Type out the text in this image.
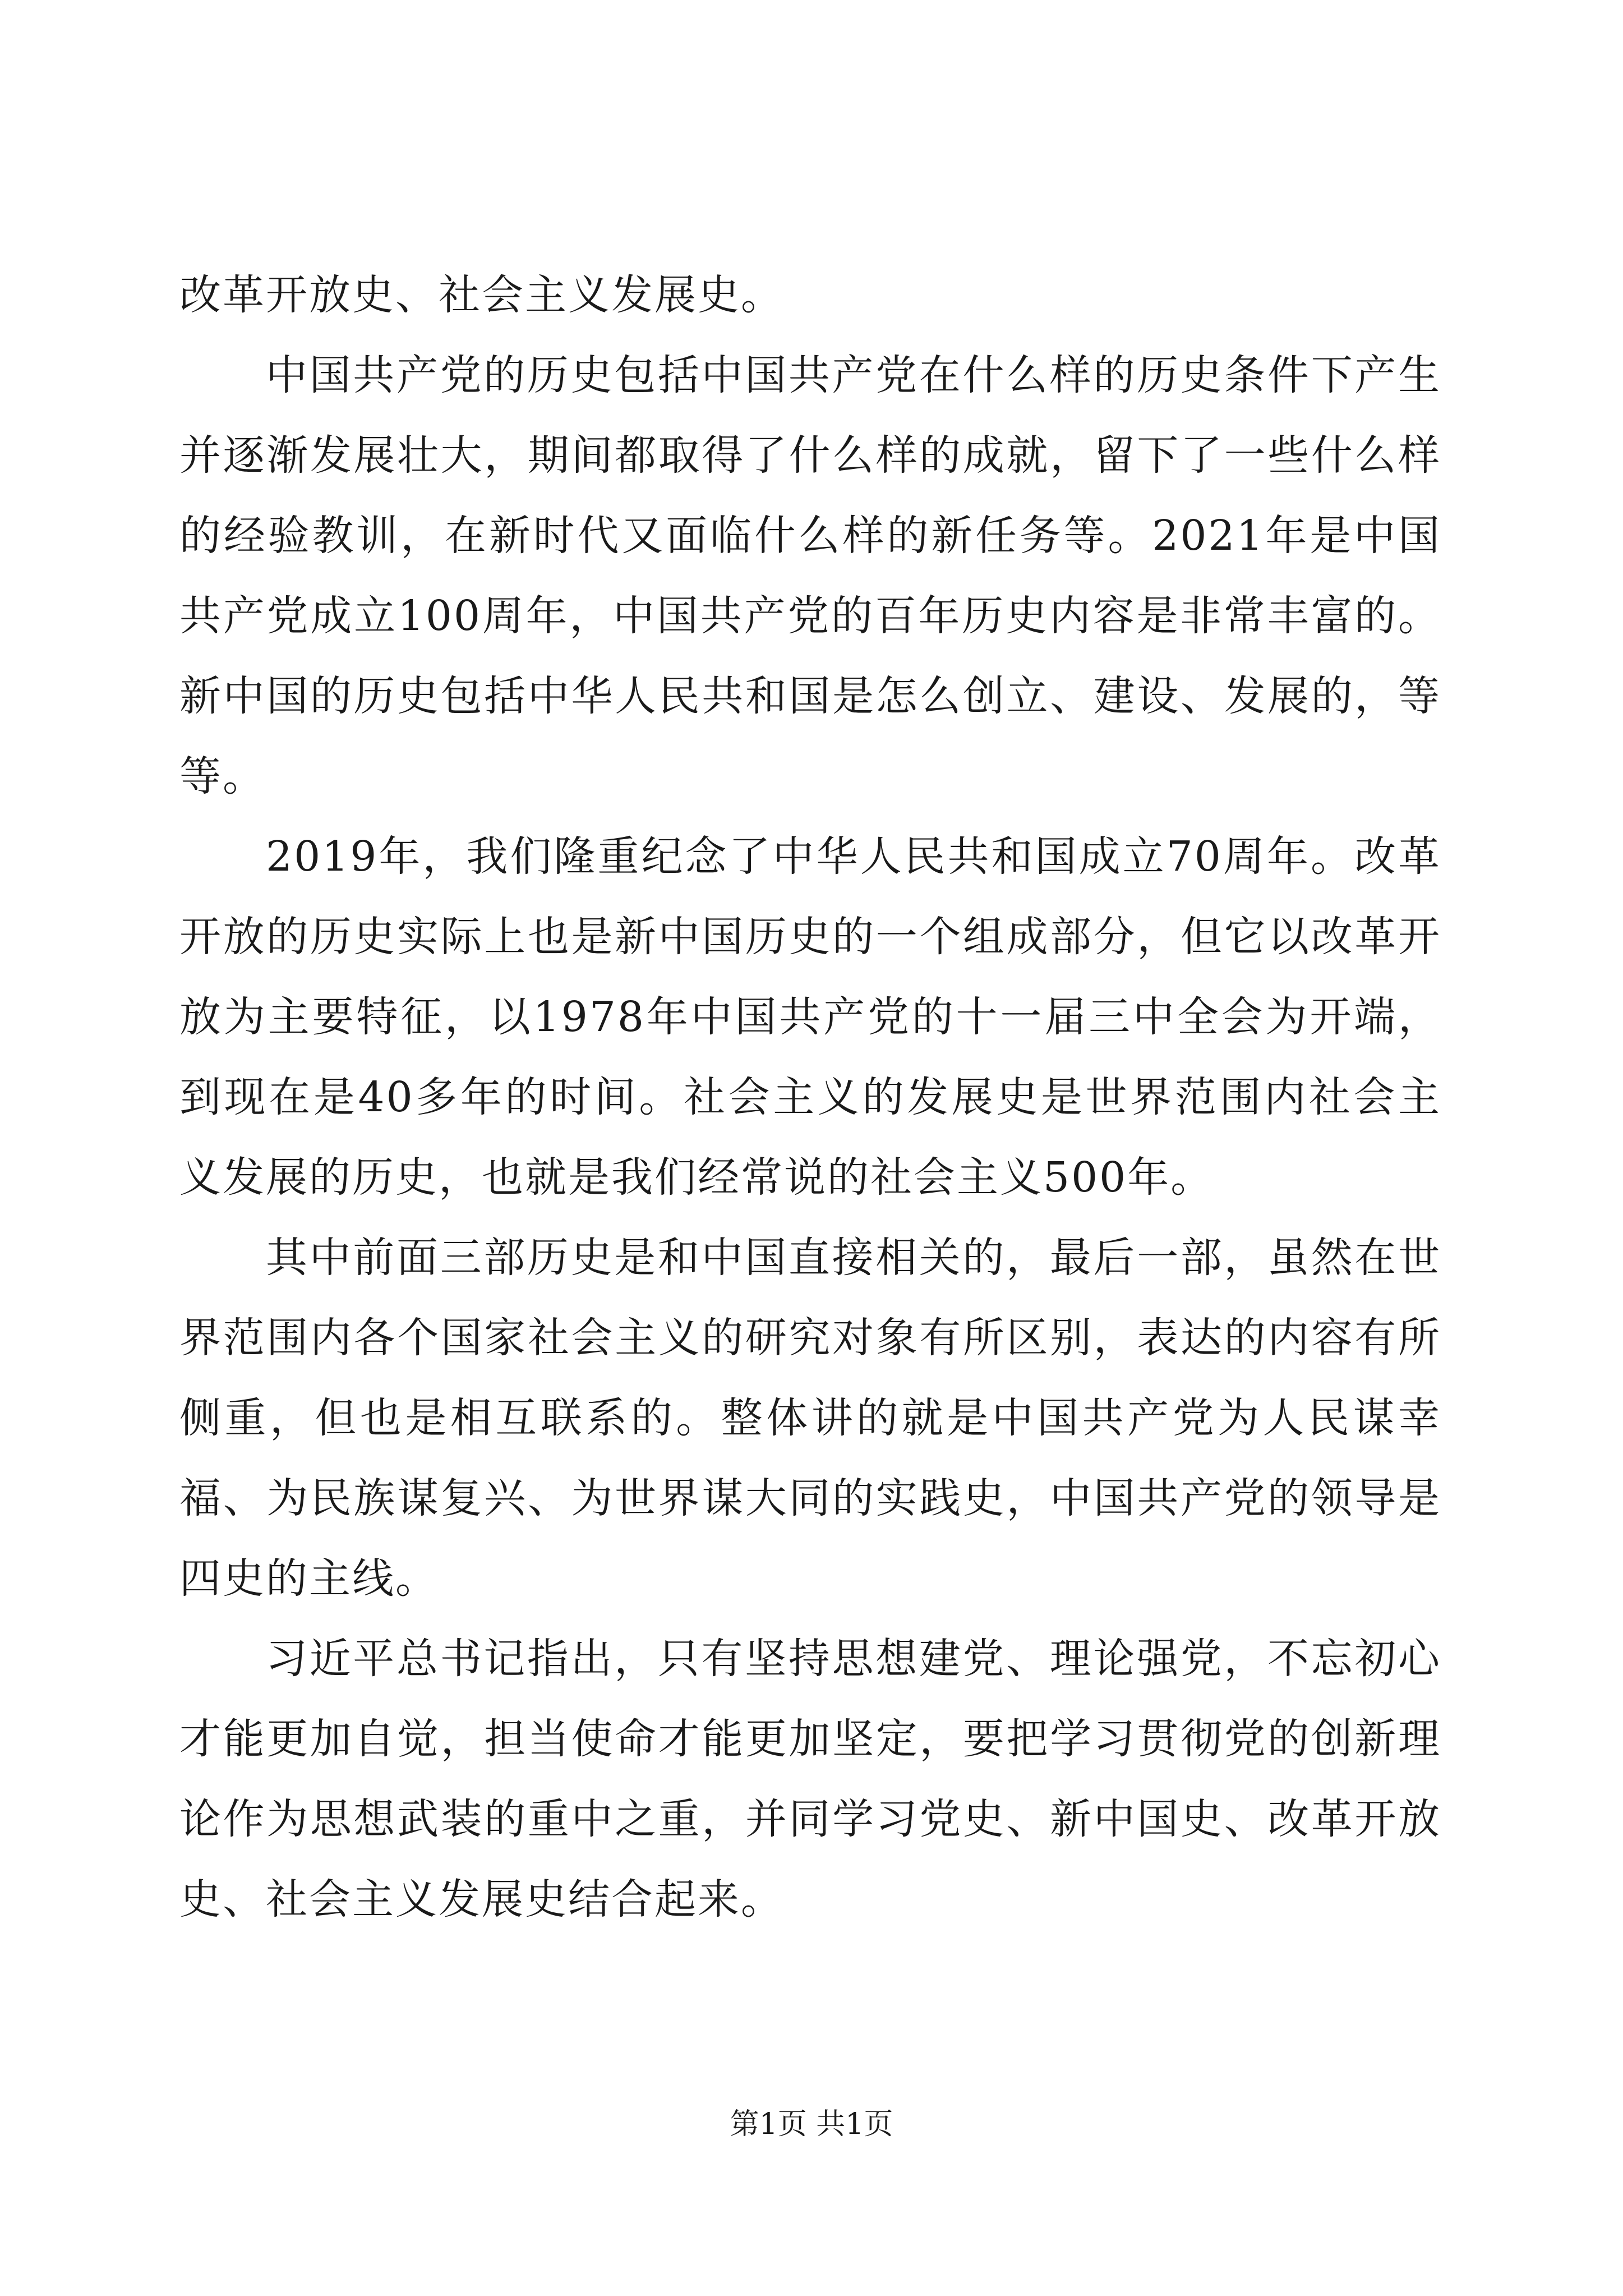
改革开放史、社会主义发展史。

中国共产党的历史包括中国共产党在什么样的历史条件下产生并逐渐发展壮大，期间都取得了什么样的成就，留下了一些什么样的经验教训，在新时代又面临什么样的新任务等。2021年是中国共产党成立100周年，中国共产党的百年历史内容是非常丰富的。新中国的历史包括中华人民共和国是怎么创立、建设、发展的，等等。

2019年，我们隆重纪念了中华人民共和国成立70周年。改革开放的历史实际上也是新中国历史的一个组成部分，但它以改革开放为主要特征，以1978年中国共产党的十一届三中全会为开端，到现在是40多年的时间。社会主义的发展史是世界范围内社会主义发展的历史，也就是我们经常说的社会主义500年。

其中前面三部历史是和中国直接相关的，最后一部，虽然在世界范围内各个国家社会主义的研究对象有所区别，表达的内容有所侧重，但也是相互联系的。整体讲的就是中国共产党为人民谋幸福、为民族谋复兴、为世界谋大同的实践史，中国共产党的领导是四史的主线。

习近平总书记指出，只有坚持思想建党、理论强党，不忘初心才能更加自觉，担当使命才能更加坚定，要把学习贯彻党的创新理论作为思想武装的重中之重，并同学习党史、新中国史、改革开放史、社会主义发展史结合起来。

第1页 共1页
